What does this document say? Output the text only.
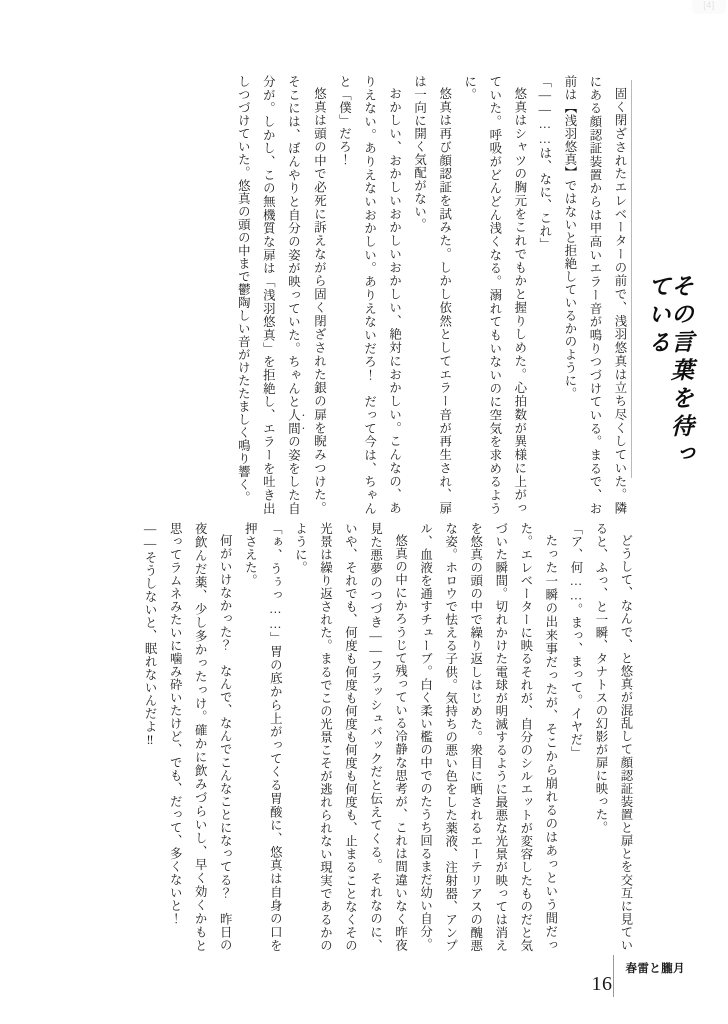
[4]
その言葉を待っている

固く閉ざされたエレベーターの前で、浅羽悠真は立ち尽くしていた。隣にある顔認証装置からは甲高いエラー音が鳴りつづけている。まるで、お前は【浅羽悠真】ではないと拒絶しているかのように。

「――……は、なに、これ」

悠真はシャツの胸元をこれでもかと握りしめた。心拍数が異様に上がっていた。呼吸がどんどん浅くなる。溺れてもいないのに空気を求めるように。

悠真は再び顔認証を試みた。しかし依然としてエラー音が再生され、扉は一向に開く気配がない。

おかしい、おかしいおかしいおかしい、絶対におかしい。こんなの、ありえない。ありえないおかしい。ありえないだろ！　だって今は、ちゃんと「僕」だろ！

悠真は頭の中で必死に訴えながら固く閉ざされた銀の扉を睨みつけた。そこには、ぼんやりと自分の姿が映っていた。ちゃんと人間の姿をした自分が。しかし、この無機質な扉は「浅羽悠真」を拒絶し、エラーを吐き出しつづけていた。悠真の頭の中まで鬱陶しい音がけたたましく鳴り響く。

どうして、なんで、と悠真が混乱して顔認証装置と扉とを交互に見ていると、ふっ、と一瞬、タナトスの幻影が扉に映った。

「ア、何……。まっ、まって。イヤだ」

たった一瞬の出来事だったが、そこから崩れるのはあっという間だった。エレベーターに映るそれが、自分のシルエットが変容したものだと気づいた瞬間。切れかけた電球が明滅するように最悪な光景が映っては消えを悠真の頭の中で繰り返しはじめた。衆目に晒されるエーテリアスの醜悪な姿。ホロウで怯える子供。気持ちの悪い色をした薬液、注射器、アンプル、血液を通すチューブ。白く柔い檻の中でのたうち回るまだ幼い自分。

悠真の中にかろうじて残っている冷静な思考が、これは間違いなく昨夜見た悪夢のつづき――フラッシュバックだと伝えてくる。それなのに、いや、それでも、何度も何度も何度も何度も何度も、止まることなくその光景は繰り返された。まるでこの光景こそが逃れられない現実であるかのように。

「ぁ、うぅっ……」胃の底から上がってくる胃酸に、悠真は自身の口を押さえた。

何がいけなかった？　なんで、なんでこんなことになってる？　昨日の夜飲んだ薬、少し多かったっけ。確かに飲みづらいし、早く効くかもと思ってラムネみたいに噛み砕いたけど、でも、だって、多くないと！

――そうしないと、眠れないんだよ‼

16
春雷と朧月
